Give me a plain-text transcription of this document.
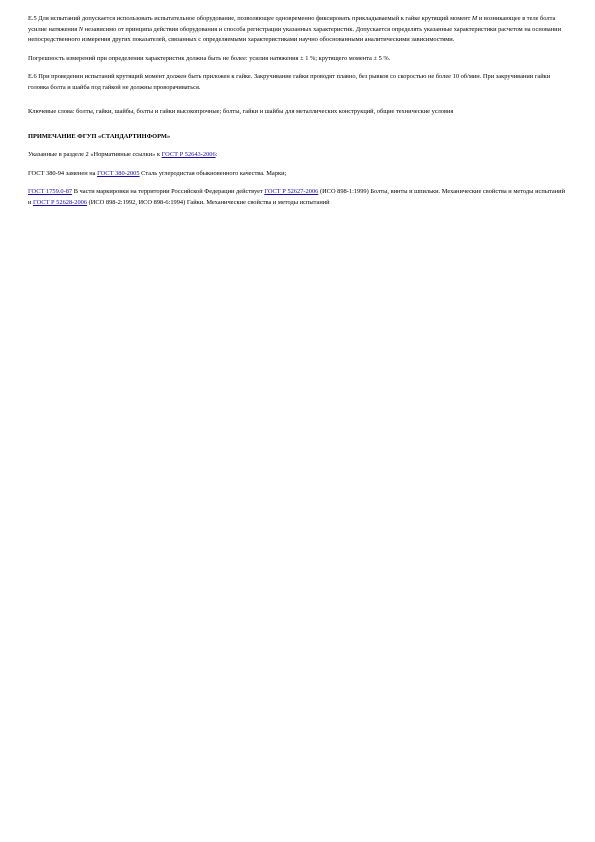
Е.5 Для испытаний допускается использовать испытательное оборудование, позволяющее одновременно фиксировать прикладываемый к гайке крутящий момент М и возникающее в теле болта усилие натяжения N независимо от принципа действия оборудования и способа регистрации указанных характеристик. Допускается определять указанные характеристики расчетом на основании непосредственного измерения других показателей, связанных с определяемыми характеристиками научно обоснованными аналитическими зависимостями.

Погрешность измерений при определении характеристик должна быть не более: усилия натяжения ± 1 %; крутящего момента ± 5 %.

Е.6 При проведении испытаний крутящий момент должен быть приложен к гайке. Закручивание гайки проводят плавно, без рывков со скоростью не более 10 об/мин. При закручивании гайки головка болта и шайба под гайкой не должны проворачиваться.

Ключевые слова: болты, гайки, шайбы, болты и гайки высокопрочные; болты, гайки и шайбы для металлических конструкций, общие технические условия

ПРИМЕЧАНИЕ ФГУП «СТАНДАРТИНФОРМ»

Указанные в разделе 2 «Нормативные ссылки» к ГОСТ Р 52643-2006:

ГОСТ 380-94 заменен на ГОСТ 380-2005 Сталь углеродистая обыкновенного качества. Марки;

ГОСТ 1759.0-87 В части маркировки на территории Российской Федерации действует ГОСТ Р 52627-2006 (ИСО 898-1:1999) Болты, винты и шпильки. Механические свойства и методы испытаний и ГОСТ Р 52628-2006 (ИСО 898-2:1992, ИСО 898-6:1994) Гайки. Механические свойства и методы испытаний
